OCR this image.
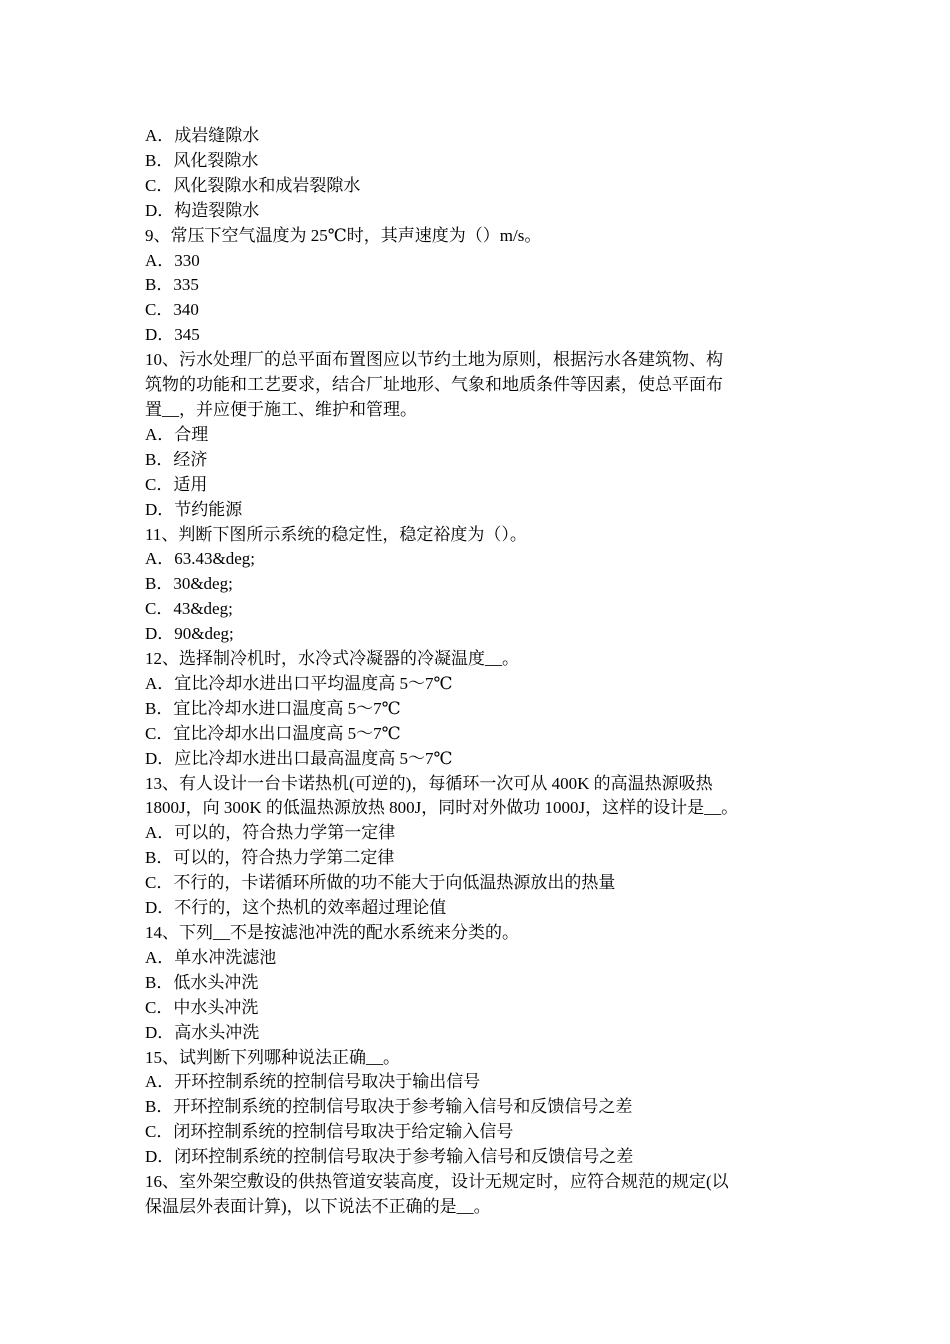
A．成岩缝隙水
B．风化裂隙水
C．风化裂隙水和成岩裂隙水
D．构造裂隙水
9、常压下空气温度为 25℃时，其声速度为（）m/s。
A．330
B．335
C．340
D．345
10、污水处理厂的总平面布置图应以节约土地为原则，根据污水各建筑物、构
筑物的功能和工艺要求，结合厂址地形、气象和地质条件等因素，使总平面布
置__，并应便于施工、维护和管理。
A．合理
B．经济
C．适用
D．节约能源
11、判断下图所示系统的稳定性，稳定裕度为（）。
A．63.43&deg;
B．30&deg;
C．43&deg;
D．90&deg;
12、选择制冷机时，水冷式冷凝器的冷凝温度__。
A．宜比冷却水进出口平均温度高 5～7℃
B．宜比冷却水进口温度高 5～7℃
C．宜比冷却水出口温度高 5～7℃
D．应比冷却水进出口最高温度高 5～7℃
13、有人设计一台卡诺热机(可逆的)，每循环一次可从 400K 的高温热源吸热
1800J，向 300K 的低温热源放热 800J，同时对外做功 1000J，这样的设计是__。
A．可以的，符合热力学第一定律
B．可以的，符合热力学第二定律
C．不行的，卡诺循环所做的功不能大于向低温热源放出的热量
D．不行的，这个热机的效率超过理论值
14、下列__不是按滤池冲洗的配水系统来分类的。
A．单水冲洗滤池
B．低水头冲洗
C．中水头冲洗
D．高水头冲洗
15、试判断下列哪种说法正确__。
A．开环控制系统的控制信号取决于输出信号
B．开环控制系统的控制信号取决于参考输入信号和反馈信号之差
C．闭环控制系统的控制信号取决于给定输入信号
D．闭环控制系统的控制信号取决于参考输入信号和反馈信号之差
16、室外架空敷设的供热管道安装高度，设计无规定时，应符合规范的规定(以
保温层外表面计算)，以下说法不正确的是__。
